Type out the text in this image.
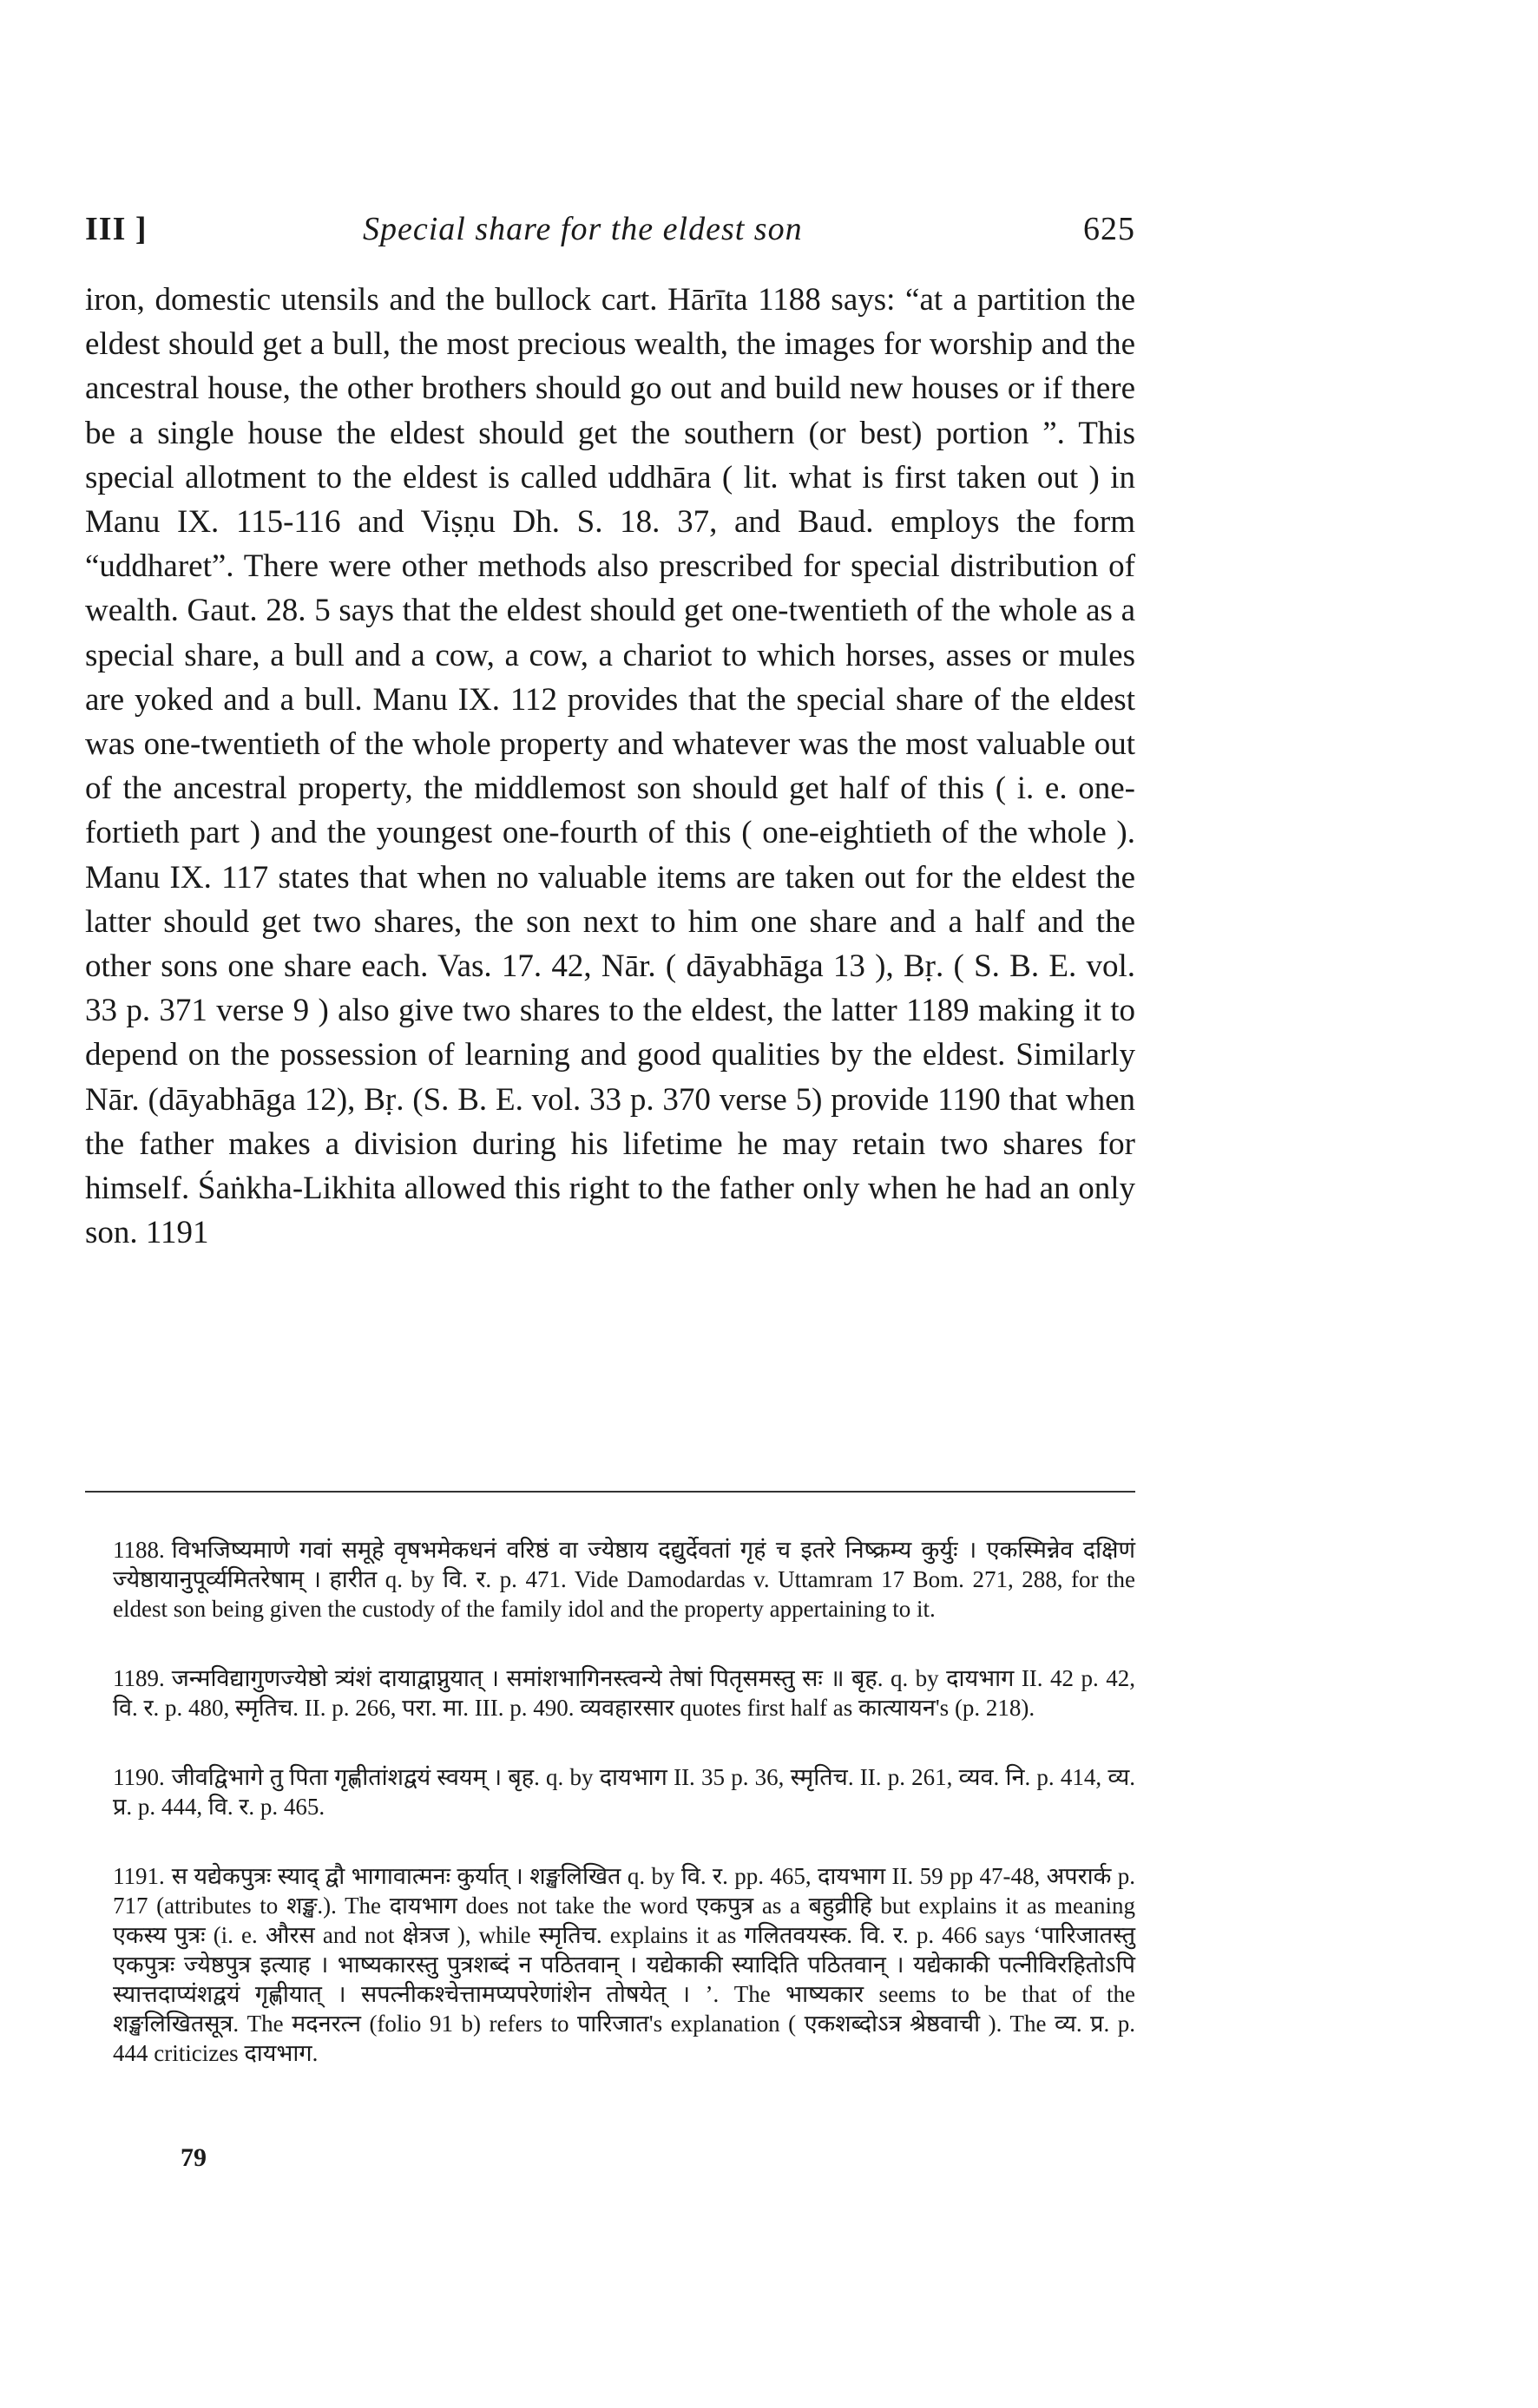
III ]	Special share for the eldest son	625

iron, domestic utensils and the bullock cart. Hārīta 1188 says: “at a partition the eldest should get a bull, the most precious wealth, the images for worship and the ancestral house, the other brothers should go out and build new houses or if there be a single house the eldest should get the southern (or best) portion ”. This special allotment to the eldest is called uddhāra ( lit. what is first taken out ) in Manu IX. 115-116 and Viṣṇu Dh. S. 18. 37, and Baud. employs the form “uddharet”. There were other methods also prescribed for special distribution of wealth. Gaut. 28. 5 says that the eldest should get one-twentieth of the whole as a special share, a bull and a cow, a cow, a chariot to which horses, asses or mules are yoked and a bull. Manu IX. 112 provides that the special share of the eldest was one-twentieth of the whole property and whatever was the most valuable out of the ancestral property, the middlemost son should get half of this ( i. e. one-fortieth part ) and the youngest one-fourth of this ( one-eightieth of the whole ). Manu IX. 117 states that when no valuable items are taken out for the eldest the latter should get two shares, the son next to him one share and a half and the other sons one share each. Vas. 17. 42, Nār. ( dāyabhāga 13 ), Bṛ. ( S. B. E. vol. 33 p. 371 verse 9 ) also give two shares to the eldest, the latter 1189 making it to depend on the possession of learning and good qualities by the eldest. Similarly Nār. (dāyabhāga 12), Bṛ. (S. B. E. vol. 33 p. 370 verse 5) provide 1190 that when the father makes a division during his lifetime he may retain two shares for himself. Śaṅkha-Likhita allowed this right to the father only when he had an only son. 1191

1188. विभजिष्यमाणे गवां समूहे वृषभमेकधनं वरिष्ठं वा ज्येष्ठाय दद्युर्देवतां गृहं च इतरे निष्क्रम्य कुर्युः । एकस्मिन्नेव दक्षिणं ज्येष्ठायानुपूर्व्यमितरेषाम् । हारीत q. by वि. र. p. 471. Vide Damodardas v. Uttamram 17 Bom. 271, 288, for the eldest son being given the custody of the family idol and the property appertaining to it.

1189. जन्मविद्यागुणज्येष्ठो त्र्यंशं दायाद्वाप्नुयात् । समांशभागिनस्त्वन्ये तेषां पितृसमस्तु सः ॥ बृह. q. by दायभाग II. 42 p. 42, वि. र. p. 480, स्मृतिच. II. p. 266, परा. मा. III. p. 490. व्यवहारसार quotes first half as कात्यायन's (p. 218).

1190. जीवद्विभागे तु पिता गृह्णीतांशद्वयं स्वयम् । बृह. q. by दायभाग II. 35 p. 36, स्मृतिच. II. p. 261, व्यव. नि. p. 414, व्य. प्र. p. 444, वि. र. p. 465.

1191. स यद्येकपुत्रः स्याद् द्वौ भागावात्मनः कुर्यात् । शङ्खलिखित q. by वि. र. pp. 465, दायभाग II. 59 pp 47-48, अपरार्क p. 717 (attributes to शङ्ख.). The दायभाग does not take the word एकपुत्र as a बहुव्रीहि but explains it as meaning एकस्य पुत्रः (i. e. औरस and not क्षेत्रज ), while स्मृतिच. explains it as गलितवयस्क. वि. र. p. 466 says ‘पारिजातस्तु एकपुत्रः ज्येष्ठपुत्र इत्याह । भाष्यकारस्तु पुत्रशब्दं न पठितवान् । यद्येकाकी स्यादिति पठितवान् । यद्येकाकी पत्नीविरहितोऽपि स्यात्तदाप्यंशद्वयं गृह्णीयात् । सपत्नीकश्चेत्तामप्यपरेणांशेन तोषयेत् । ’. The भाष्यकार seems to be that of the शङ्खलिखितसूत्र. The मदनरत्न (folio 91 b) refers to पारिजात's explanation ( एकशब्दोऽत्र श्रेष्ठवाची ). The व्य. प्र. p. 444 criticizes दायभाग.

79
